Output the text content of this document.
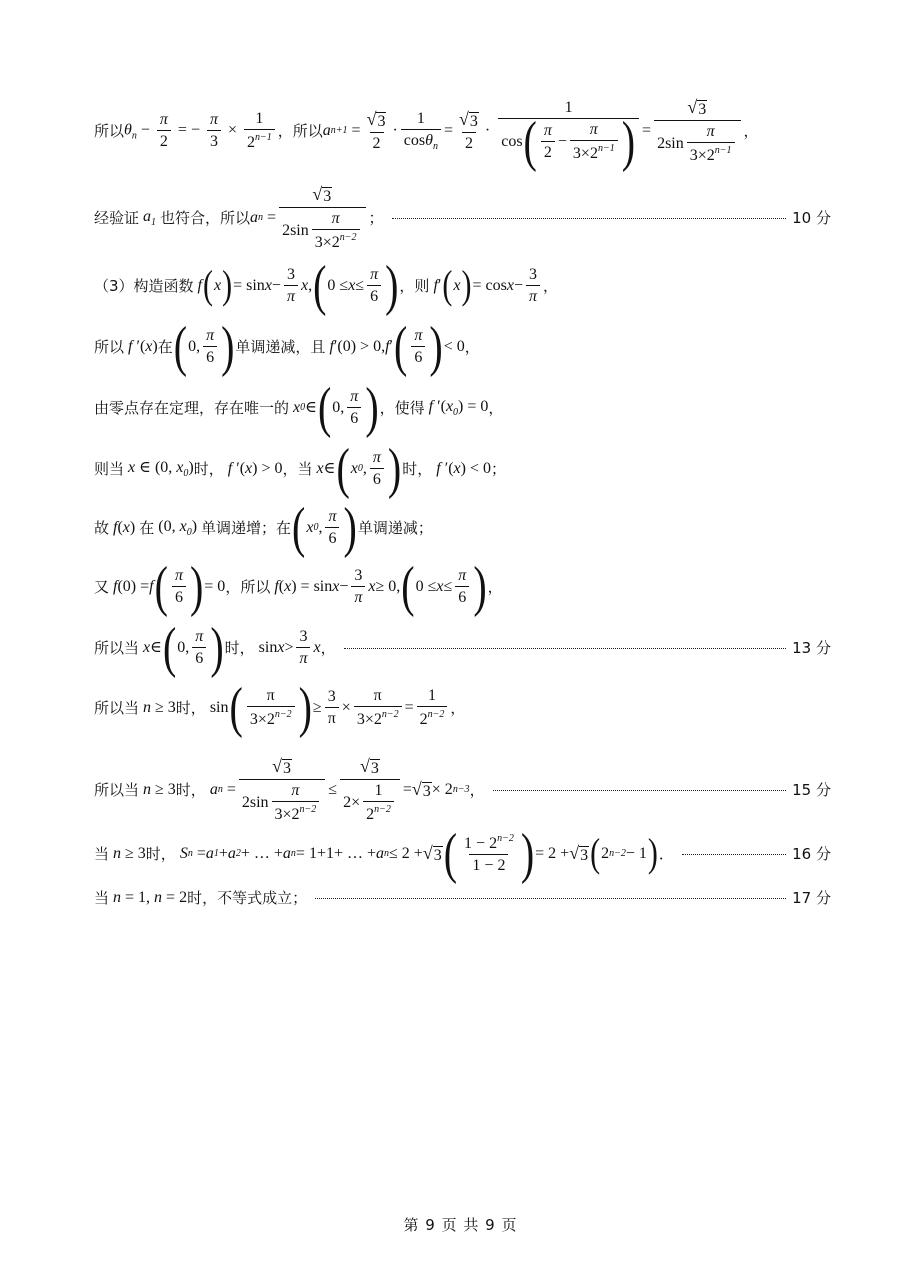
所以 $\theta_n - \frac{\pi}{2}$ = − $\frac{\pi}{3} \times \frac{1}{2^{n-1}}$ ，所以 a $n+1 = \frac{√ 3}{2} \cdot \frac{1}{\cos\theta_n} = \frac{√ 3}{2} \cdot \frac{1}{\cos ( \frac{\pi}{2} - \frac{\pi}{3\times 2^{n-1}} )} = \frac{√ 3}{2\sin \frac{\pi}{3\times 2^{n-1}}}$ ，
经验证 $a_1$ 也符合，所以 a $n = \frac{√ 3}{2\sin \frac{\pi}{3\times 2^{n-2}}}$ ；	10 分
（3）构造函数
f ( x ) = $\sin x - \frac{3}{\pi}$ x , ( $0 \le x \le \frac{\pi}{6}$ ) ，则
f ′ ( x ) = $\cos x - \frac{3}{\pi}$ ，
所以 f ′(x) 在 ( 0, $\frac{\pi}{6}$ ) 单调递减，且
f ′(0) > 0, f ′ ( $\frac{\pi}{6}$ ) < 0 ，
由零点存在定理，存在唯一的
x 0 ∈ ( 0, $\frac{\pi}{6}$ ) ，使得 f $'(x_0) = 0$ ，
则当 x ∈ (0, $x_0$) 时， f ′(x) > 0 ，当
x ∈ ( x 0 , $\frac{\pi}{6}$ ) 时， f ′(x) < 0 ；
故 f(x) 在 (0, $x_0$) 单调递增；在 ( x 0 , $\frac{\pi}{6}$ ) 单调递减；
又
f (0) = f ( $\frac{\pi}{6}$ ) = 0 ，所以
f ( x ) = $\sin x - \frac{3}{\pi}$ x ≥ 0, ( $0 \le x \le \frac{\pi}{6}$ ) ，
所以当
x ∈ ( 0, $\frac{\pi}{6}$ ) 时， $\sin x > \frac{3}{\pi}$ x ，	13 分
所以当 n ≥ 3 时， sin ( $\frac{\pi}{3\times 2^{n-2}}$ ) ≥ $\frac{3}{\pi} \times \frac{\pi}{3\times 2^{n-2}} = \frac{1}{2^{n-2}}$ ，
所以当 n ≥ 3 时，
a $n = \frac{√ 3}{2\sin \frac{\pi}{3\times 2^{n-2}}} \le \frac{√ 3}{2\times \frac{1}{2^{n-2}}}$ = √ 3 × 2 n−3 ，	15 分
当 n ≥ 3 时，
S n = a 1 + a 2 + … + a n = 1+1+ … + a n ≤ 2 + √ 3 ( $\frac{1 - 2^{n-2}}{1 - 2}$ ) = 2 + √ 3 ( 2 n−2 − 1 ) ．	16 分
当 n = 1, n = 2 时，不等式成立；	17 分
第 9 页 共 9 页
